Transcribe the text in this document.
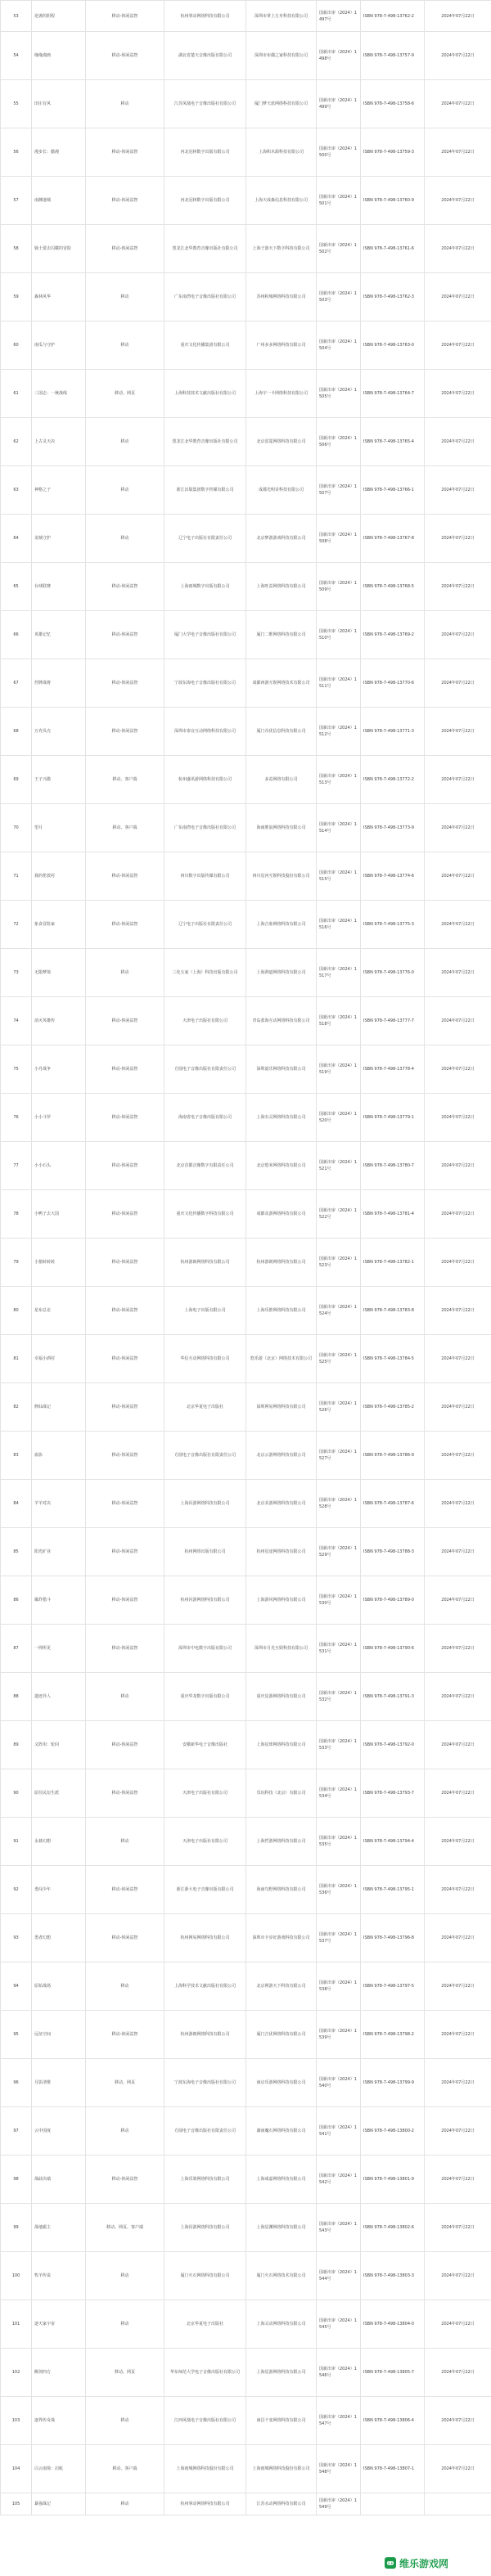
53	逆袭的阴程	移动-休闲益智	杭州掌动网络科技有限公司	深圳市掌上方舟科技有限公司	国新出审（2024）1497号	ISBN 978-7-498-13762-2	2024年07月22日
54	缘缘漫画	移动-休闲益智	湖北省楚天音像出版有限公司	深圳市布偶之家科技有限公司	国新出审（2024）1498号	ISBN 978-7-498-13757-9	2024年07月22日
55	田庄有风	移动	江苏凤凰电子音像出版社有限公司	厦门梦天蓝网络科技有限公司	国新出审（2024）1499号	ISBN 978-7-498-13758-6	2024年07月22日
56	漫步长：勤漫	移动-休闲益智	河北冠林数字出版有限公司	上海积木源科技有限公司	国新出审（2024）1500号	ISBN 978-7-498-13759-3	2024年07月22日
57	南渊迷城	移动-休闲益智	河北冠林数字出版有限公司	上海天成森信息科技有限公司	国新出审（2024）1501号	ISBN 978-7-498-13760-9	2024年07月22日
58	骑士要去闪耀的冒险	移动-休闲益智	黑龙江北华教育音像出版社有限公司	上海子游天下数字科技有限公司	国新出审（2024）1502号	ISBN 978-7-498-13761-6	2024年07月22日
59	森林风华	移动	广东南湾电子音像出版社有限公司	苏州粉城网络科技有限公司	国新出审（2024）1503号	ISBN 978-7-498-13762-3	2024年07月22日
60	南瓜与守护	移动	重庆文化传播集团有限公司	广州多多网络科技有限公司	国新出审（2024）1504号	ISBN 978-7-498-13763-0	2024年07月22日
61	三国志：一统战线	移动、网页	上海科技技术文献出版社有限公司	上海宇一卡网络科技有限公司	国新出审（2024）1505号	ISBN 978-7-498-13764-7	2024年07月22日
62	上古灵天决	移动	黑龙江北华教育音像出版社有限公司	北京雷霆网络科技有限公司	国新出审（2024）1506号	ISBN 978-7-498-13765-4	2024年07月22日
63	神格之子	移动	浙江出版集团数字传媒有限公司	成都光明奇科技有限公司	国新出审（2024）1507号	ISBN 978-7-498-13766-1	2024年07月22日
64	龙城守护	移动	辽宁电子出版社有限责任公司	北京梦游游戏科技有限公司	国新出审（2024）1508号	ISBN 978-7-498-13767-8	2024年07月22日
65	台球联赛	移动-休闲益智	上海雨城数字出版有限公司	上海旺益网络科技有限公司	国新出审（2024）1509号	ISBN 978-7-498-13768-5	2024年07月22日
66	英雄记忆	移动-休闲益智	厦门大学电子音像出版社有限公司	厦门二维网络科技有限公司	国新出审（2024）1510号	ISBN 978-7-498-13769-2	2024年07月22日
67	控牌战将	移动-休闲益智	宁波东海电子音像出版社有限公司	成都西游互娱网络技术有限公司	国新出审（2024）1511号	ISBN 978-7-498-13770-6	2024年07月22日
68	万充贝壳	移动-休闲益智	深圳市泰宜互动网络科技有限公司	厦门奇优信息科技有限公司	国新出审（2024）1512号	ISBN 978-7-498-13771-3	2024年07月22日
69	王子兴傲	移动、客户端	杭州盛讯游网络科技有限公司	多益网络有限公司	国新出审（2024）1513号	ISBN 978-7-498-13772-2	2024年07月22日
70	望月	移动、客户端	广东南湾电子音像出版社有限公司	海南胜浪网络科技有限公司	国新出审（2024）1514号	ISBN 978-7-498-13773-9	2024年07月22日
71	我的伦敦村	移动-休闲益智	四川数字出版传媒有限公司	四川星河互娱科技股份有限公司	国新出审（2024）1515号	ISBN 978-7-498-13774-6	2024年07月22日
72	象食冒险家	移动-休闲益智	辽宁电子出版社有限责任公司	上海吉象网络科技有限公司	国新出审（2024）1516号	ISBN 978-7-498-13775-3	2024年07月22日
73	无限梦境	移动	三化五家（上海）科技出版有限公司	上海湃道网络科技有限公司	国新出审（2024）1517号	ISBN 978-7-498-13776-0	2024年07月22日
74	消灭英雄传	移动-休闲益智	天津电子出版社有限公司	青岛蓝海互动网络科技有限公司	国新出审（2024）1518号	ISBN 978-7-498-13777-7	2024年07月22日
75	小丹战争	移动-休闲益智	方圆电子音像出版社有限责任公司	深圳韶乐网络科技有限公司	国新出审（2024）1519号	ISBN 978-7-498-13778-4	2024年07月22日
76	小小斗罗	移动-休闲益智	海南省电子音像出版有限公司	上海有灵网络科技有限公司	国新出审（2024）1520号	ISBN 978-7-498-13779-1	2024年07月22日
77	小小石头	移动-休闲益智	北京首都音像数字有限责任公司	北京悠米网络科技有限公司	国新出审（2024）1521号	ISBN 978-7-498-13780-7	2024年07月22日
78	小鸭子去大国	移动-休闲益智	重庆文化传播数字科技有限公司	成都众游网络科技有限公司	国新出审（2024）1522号	ISBN 978-7-498-13781-4	2024年07月22日
79	小猪转转转	移动-休闲益智	杭州游朗网络科技有限公司	杭州游朗网络科技有限公司	国新出审（2024）1523号	ISBN 978-7-498-13782-1	2024年07月22日
80	星布总论	移动-休闲益智	上海电子出版有限公司	上海乐推网络科技有限公司	国新出审（2024）1524号	ISBN 978-7-498-13783-8	2024年07月22日
81	幸福小酒村	移动-休闲益智	华信互动网络科技有限公司	悠乐游（北京）网络技术有限公司	国新出审（2024）1525号	ISBN 978-7-498-13784-5	2024年07月22日
82	修仙战记	移动-休闲益智	北京华夏电子出版社	深圳网易网络科技有限公司	国新出审（2024）1526号	ISBN 978-7-498-13785-2	2024年07月22日
83	血影	移动-休闲益智	方圆电子音像出版社有限责任公司	北京云游网络科技有限公司	国新出审（2024）1527号	ISBN 978-7-498-13786-9	2024年07月22日
84	羊羊对决	移动-休闲益智	上海闪游网络科技有限公司	北京美游网络科技有限公司	国新出审（2024）1528号	ISBN 978-7-498-13787-6	2024年07月22日
85	阳光矿业	移动-休闲益智	杭州网络出版有限公司	杭州星途网络科技有限公司	国新出审（2024）1529号	ISBN 978-7-498-13788-3	2024年07月22日
86	爆炸猎斗	移动-休闲益智	杭州闪游网络科技有限公司	上海游风网络科技有限公司	国新出审（2024）1530号	ISBN 978-7-498-13789-0	2024年07月22日
87	一网所见	移动-休闲益智	深圳市中电数字出版有限公司	深圳市月光互娱科技有限公司	国新出审（2024）1531号	ISBN 978-7-498-13790-6	2024年07月22日
88	遗迹异人	移动	重庆华龙数字出版有限公司	重庆星游网络科技有限公司	国新出审（2024）1532号	ISBN 978-7-498-13791-3	2024年07月22日
89	义阵用：轮回	移动-休闲益智	安徽新华电子音像出版社	上海星球网络科技有限公司	国新出审（2024）1533号	ISBN 978-7-498-13792-0	2024年07月22日
90	原住民衍生派	移动-休闲益智	天津电子出版社有限公司	乐玩科技（北京）有限公司	国新出审（2024）1534号	ISBN 978-7-498-13793-7	2024年07月22日
91	永暮幻想	移动	天津电子出版社有限公司	上海哲游网络科技有限公司	国新出审（2024）1535号	ISBN 978-7-498-13794-4	2024年07月22日
92	勇闯少年	移动-休闲益智	浙江浙大电子音像出版有限公司	海南鸟野网络科技有限公司	国新出审（2024）1536号	ISBN 978-7-498-13795-1	2024年07月22日
93	勇者幻想	移动-休闲益智	杭州网易网络科技有限公司	深圳市卡步好游戏科技有限公司	国新出审（2024）1537号	ISBN 978-7-498-13796-8	2024年07月22日
94	原始战场	移动	上海科学技术文献出版社有限公司	北京网游天下科技有限公司	国新出审（2024）1538号	ISBN 978-7-498-13797-5	2024年07月22日
95	远征空间	移动-休闲益智	杭州游朗网络科技有限公司	厦门吉优网络科技有限公司	国新出审（2024）1539号	ISBN 978-7-498-13798-2	2024年07月22日
96	月影清歌	移动、网页	宁波东海电子音像出版社有限公司	南京乐游网络科技有限公司	国新出审（2024）1540号	ISBN 978-7-498-13799-9	2024年07月22日
97	云中国度	移动	方圆电子音像出版社有限责任公司	湖南魔石网络科技有限公司	国新出审（2024）1541号	ISBN 978-7-498-13800-2	2024年07月22日
98	战歧决端	移动-休闲益智	上海乐策网络科技有限公司	上海成嘉网络科技有限公司	国新出审（2024）1542号	ISBN 978-7-498-13801-9	2024年07月22日
99	战地霸主	移动、网页、客户端	上海闪游网络科技有限公司	上海星渊网络科技有限公司	国新出审（2024）1543号	ISBN 978-7-498-13802-6	2024年07月22日
100	牧羊传说	移动	厦门火石网络科技有限公司	厦门火石网络技术有限公司	国新出审（2024）1544号	ISBN 978-7-498-13803-3	2024年07月22日
101	逐天家宇宙	移动	北京华夏电子出版社	上海灵动网络科技有限公司	国新出审（2024）1545号	ISBN 978-7-498-13804-0	2024年07月22日
102	醉剑四方	移动、网页	华东师范大学电子音像出版社有限公司	上海星游网络科技有限公司	国新出审（2024）1546号	ISBN 978-7-498-13805-7	2024年07月22日
103	逐界传奇战	移动	江西风凰电子音像出版社有限公司	南昌千变网络科技有限公司	国新出审（2024）1547号	ISBN 978-7-498-13806-4	2024年07月22日
104	白云南境：启航	移动、客户端	上海雨城网络科技股份有限公司	上海雨城网络科技股份有限公司	国新出审（2024）1548号	ISBN 978-7-498-13807-1	2024年07月22日
105	暴强战记	移动	杭州掌动网络科技有限公司	江苏水动网络科技有限公司	国新出审（2024）1549号		
维乐游戏网
